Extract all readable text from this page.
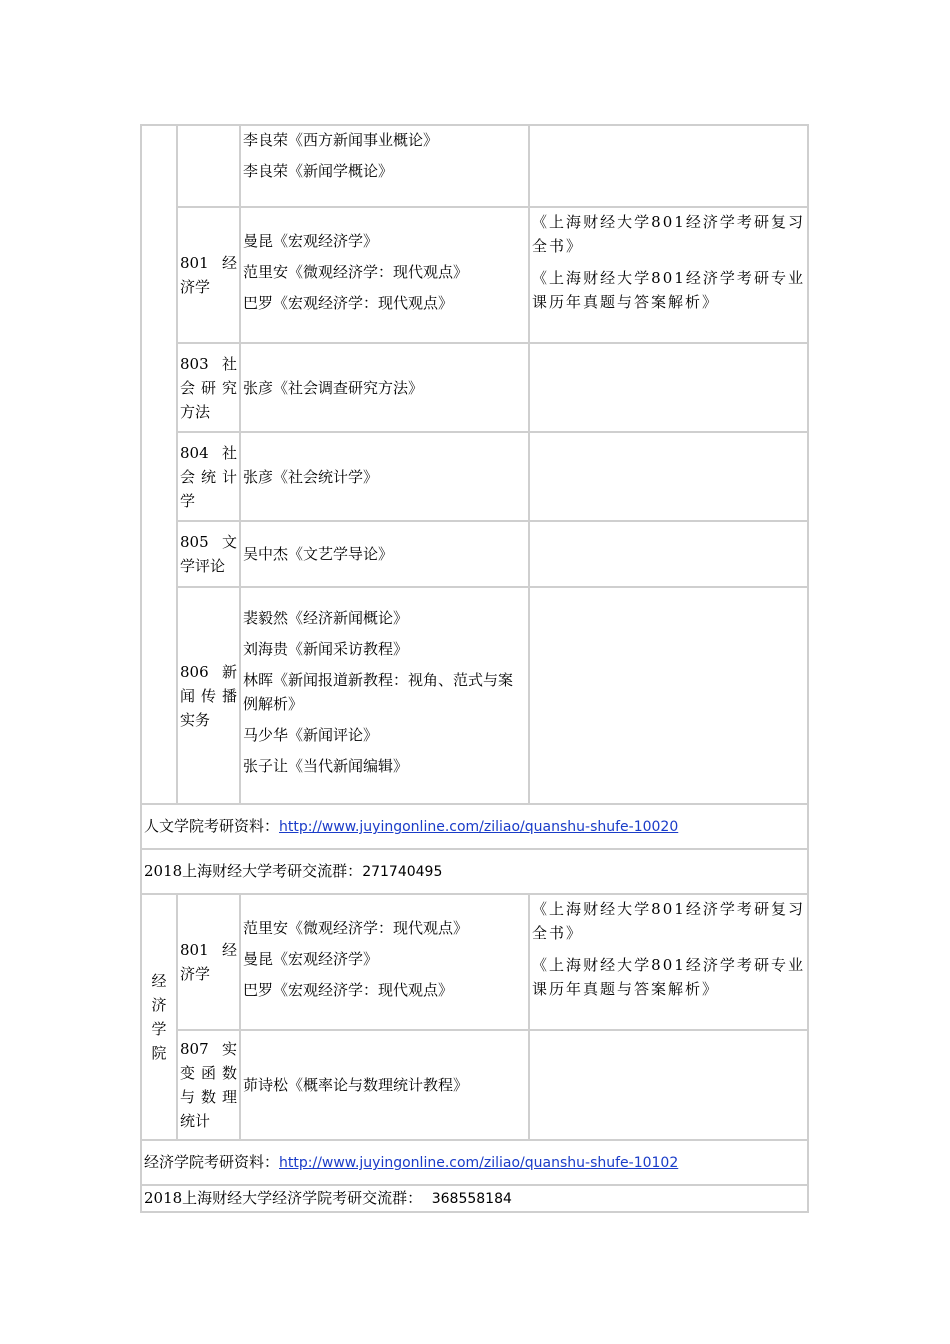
		李良荣《西方新闻事业概论》
李良荣《新闻学概论》	

	801 经济学	曼昆《宏观经济学》
范里安《微观经济学：现代观点》
巴罗《宏观经济学：现代观点》	《上海财经大学801经济学考研复习全书》
《上海财经大学801经济学考研专业课历年真题与答案解析》

	803 社会研究方法	张彦《社会调查研究方法》	
	804 社会统计学	张彦《社会统计学》	
	805 文学评论	吴中杰《文艺学导论》	
	806 新闻传播实务	裴毅然《经济新闻概论》
刘海贵《新闻采访教程》
林晖《新闻报道新教程：视角、范式与案例解析》
马少华《新闻评论》
张子让《当代新闻编辑》	

人文学院考研资料：http://www.juyingonline.com/ziliao/quanshu-shufe-10020			
2018上海财经大学考研交流群：271740495			

经
济
学
院	801 经济学	范里安《微观经济学：现代观点》
曼昆《宏观经济学》
巴罗《宏观经济学：现代观点》	《上海财经大学801经济学考研复习全书》
《上海财经大学801经济学考研专业课历年真题与答案解析》

	807 实变函数与数理统计	茆诗松《概率论与数理统计教程》	
经济学院考研资料：http://www.juyingonline.com/ziliao/quanshu-shufe-10102			
2018上海财经大学经济学院考研交流群： 368558184			
